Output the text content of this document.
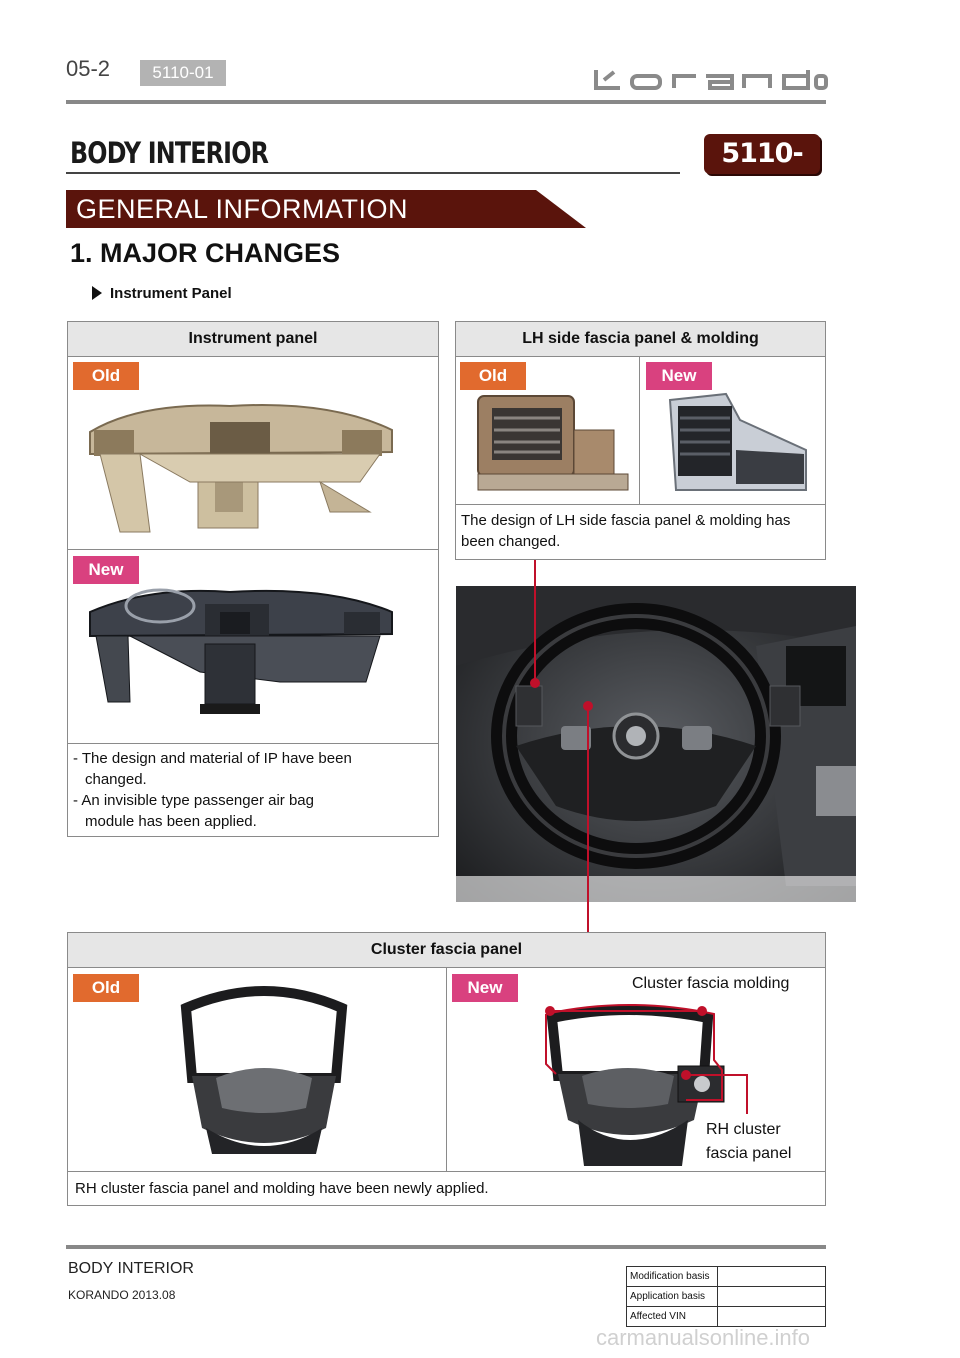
05-2	5110-01	korando
BODY INTERIOR	5110-01
GENERAL INFORMATION
1. MAJOR CHANGES
Instrument Panel
Instrument panel
Old
New
- The design and material of IP have been
changed.
- An invisible type passenger air bag
module has been applied.
LH side fascia panel & molding
Old	New
The design of LH side fascia panel & molding has
been changed.
Cluster fascia panel
Old	New	Cluster fascia molding
RH cluster
fascia panel
RH cluster fascia panel and molding have been newly applied.
BODY INTERIOR
KORANDO 2013.08
Modification basis	
Application basis	
Affected VIN	
carmanualsonline.info
